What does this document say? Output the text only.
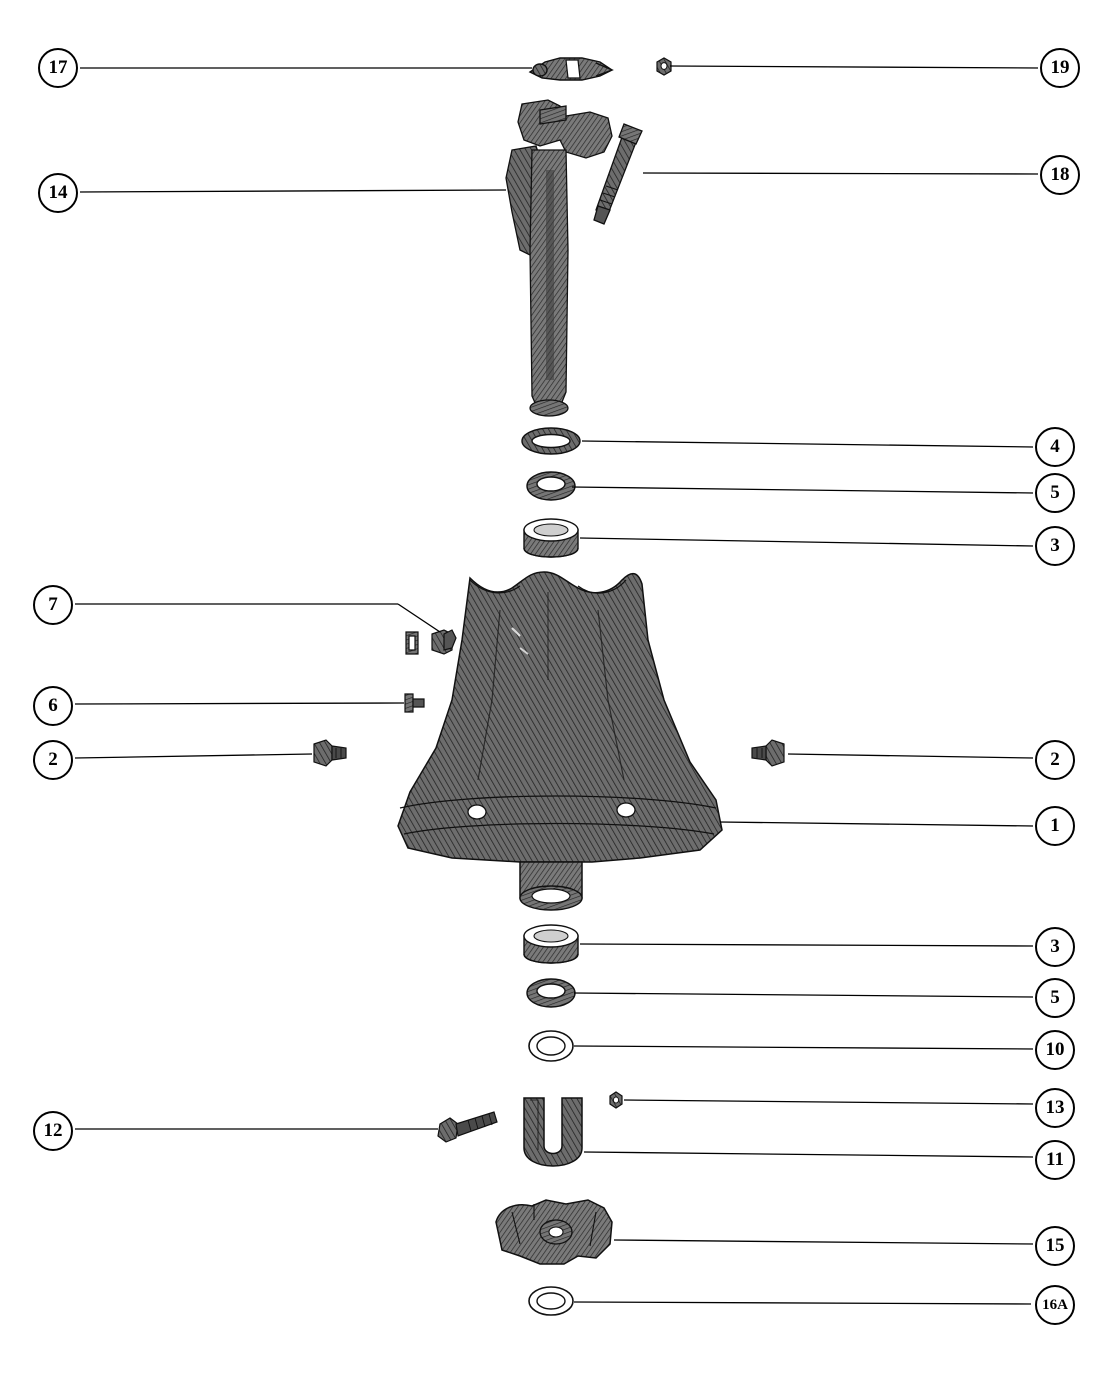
17	19
14
18
4
5
3
7
6
2	2
1
3
5
10
13
12
11
15
16A
